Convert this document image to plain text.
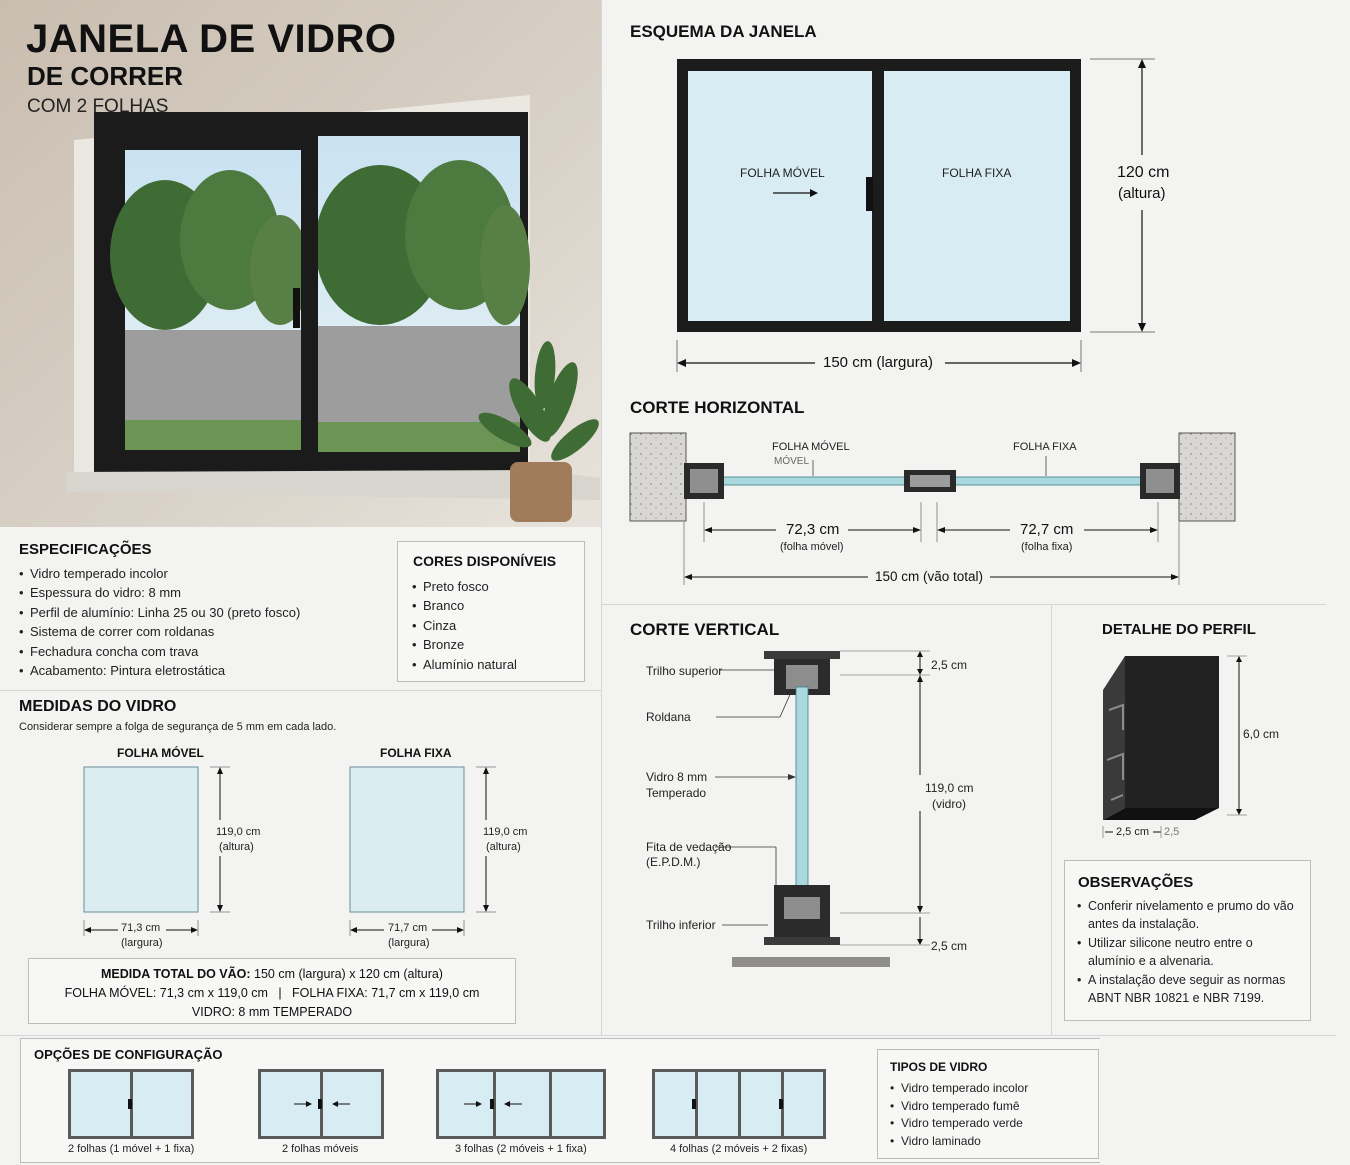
JANELA DE VIDRO
DE CORRER
COM 2 FOLHAS
ESQUEMA DA JANELA
FOLHA MÓVEL	FOLHA FIXA	120 cm
(altura)
150 cm (largura)
CORTE HORIZONTAL
FOLHA MÓVEL
MÓVEL
FOLHA FIXA
72,3 cm
(folha móvel)
72,7 cm
(folha fixa)
150 cm (vão total)
ESPECIFICAÇÕES
• Vidro temperado incolor
• Espessura do vidro: 8 mm
• Perfil de alumínio: Linha 25 ou 30 (preto fosco)
• Sistema de correr com roldanas
• Fechadura concha com trava
• Acabamento: Pintura eletrostática
CORES DISPONÍVEIS
• Preto fosco
• Branco
• Cinza
• Bronze
• Alumínio natural
MEDIDAS DO VIDRO
Considerar sempre a folga de segurança de 5 mm em cada lado.
FOLHA MÓVEL	FOLHA FIXA
119,0 cm
(altura)
71,3 cm
(largura)
119,0 cm
(altura)
71,7 cm
(largura)
MEDIDA TOTAL DO VÃO: 150 cm (largura) x 120 cm (altura)
FOLHA MÓVEL: 71,3 cm x 119,0 cm   |   FOLHA FIXA: 71,7 cm x 119,0 cm
VIDRO: 8 mm TEMPERADO
CORTE VERTICAL
Trilho superior
Roldana
Vidro 8 mm
Temperado
Fita de vedação
(E.P.D.M.)
Trilho inferior
2,5 cm
119,0 cm
(vidro)
2,5 cm
DETALHE DO PERFIL
6,0 cm
2,5 cm 2,5
OBSERVAÇÕES
• Conferir nivelamento e prumo do vão antes da instalação.
• Utilizar silicone neutro entre o alumínio e a alvenaria.
• A instalação deve seguir as normas ABNT NBR 10821 e NBR 7199.
OPÇÕES DE CONFIGURAÇÃO
2 folhas (1 móvel + 1 fixa)	2 folhas móveis	3 folhas (2 móveis + 1 fixa)	4 folhas (2 móveis + 2 fixas)
TIPOS DE VIDRO
• Vidro temperado incolor
• Vidro temperado fumê
• Vidro temperado verde
• Vidro laminado
